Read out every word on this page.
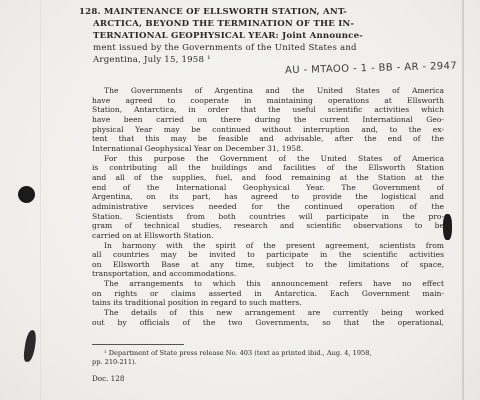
128. MAINTENANCE OF ELLSWORTH STATION, ANT-
ARCTICA, BEYOND THE TERMINATION OF THE IN-
TERNATIONAL GEOPHYSICAL YEAR: Joint Announce-
ment issued by the Governments of the United States and
Argentina, July 15, 1958 ¹
AU - MTAOO - 1 - BB - AR - 2947
The Governments of Argentina and the United States of America
have agreed to cooperate in maintaining operations at Ellsworth
Station, Antarctica, in order that the useful scientific activities which
have been carried on there during the current International Geo-
physical Year may be continued without interruption and, to the ex-
tent that this may be feasible and advisable, after the end of the
International Geophysical Year on December 31, 1958.
For this purpose the Government of the United States of America
is contributing all the buildings and facilities of the Ellsworth Station
and all of the supplies, fuel, and food remaining at the Station at the
end of the International Geophysical Year. The Government of
Argentina, on its part, has agreed to provide the logistical and
administrative services needed for the continued operation of the
Station. Scientists from both countries will participate in the pro-
gram of technical studies, research and scientific observations to be
carried on at Ellsworth Station.
In harmony with the spirit of the present agreement, scientists from
all countries may be invited to participate in the scientific activities
on Ellsworth Base at any time, subject to the limitations of space,
transportation, and accommodations.
The arrangements to which this announcement refers have no effect
on rights or claims asserted in Antarctica. Each Government main-
tains its traditional position in regard to such matters.
The details of this new arrangement are currently being worked
out by officials of the two Governments, so that the operational,
¹ Department of State press release No. 403 (text as printed ibid., Aug. 4, 1958,
pp. 210-211).
Doc. 128
